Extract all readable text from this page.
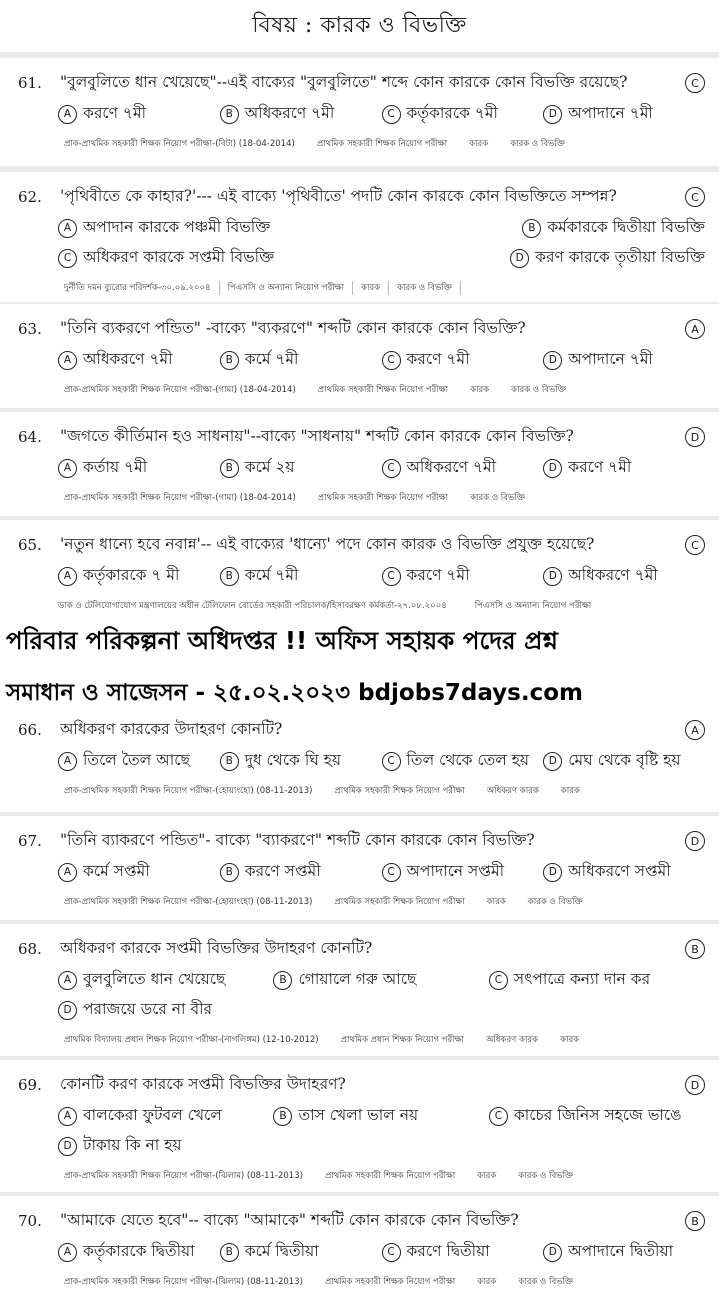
বিষয় : কারক ও বিভক্তি
61.	"বুলবুলিতে ধান খেয়েছে"--এই বাক্যের "বুলবুলিতে" শব্দে কোন কারকে কোন বিভক্তি রয়েছে?	C
A করণে ৭মী	B অধিকরণে ৭মী	C কর্তৃকারকে ৭মী	D অপাদানে ৭মী
প্রাক-প্রাথমিক সহকারী শিক্ষক নিয়োগ পরীক্ষা-(বিটা) (18-04-2014)	প্রাথমিক সহকারী শিক্ষক নিয়োগ পরীক্ষা	কারক	কারক ও বিভক্তি
62.	'পৃথিবীতে কে কাহার?'--- এই বাক্যে 'পৃথিবীতে' পদটি কোন কারকে কোন বিভক্তিতে সম্পন্ন?	C
A অপাদান কারকে পঞ্চমী বিভক্তি	B কর্মকারকে দ্বিতীয়া বিভক্তি
C অধিকরণ কারকে সপ্তমী বিভক্তি	D করণ কারকে তৃতীয়া বিভক্তি
দুর্নীতি দমন ব্যুরোর পরিদর্শক-৩০.০৯.২০০৪	পিএসসি ও অন্যান্য নিয়োগ পরীক্ষা	কারক	কারক ও বিভক্তি
63.	"তিনি ব্যকরণে পন্ডিত" -বাক্যে "ব্যকরণে" শব্দটি কোন কারকে কোন বিভক্তি?	A
A অধিকরণে ৭মী	B কর্মে ৭মী	C করণে ৭মী	D অপাদানে ৭মী
প্রাক-প্রাথমিক সহকারী শিক্ষক নিয়োগ পরীক্ষা-(গামা) (18-04-2014)	প্রাথমিক সহকারী শিক্ষক নিয়োগ পরীক্ষা	কারক	কারক ও বিভক্তি
64.	"জগতে কীর্তিমান হও সাধনায়"--বাক্যে "সাধনায়" শব্দটি কোন কারকে কোন বিভক্তি?	D
A কর্তায় ৭মী	B কর্মে ২য়	C অধিকরণে ৭মী	D করণে ৭মী
প্রাক-প্রাথমিক সহকারী শিক্ষক নিয়োগ পরীক্ষা-(গামা) (18-04-2014)	প্রাথমিক সহকারী শিক্ষক নিয়োগ পরীক্ষা	কারক ও বিভক্তি
65.	'নতুন ধান্যে হবে নবান্ন'-- এই বাক্যের 'ধান্যে' পদে কোন কারক ও বিভক্তি প্রযুক্ত হয়েছে?	C
A কর্তৃকারকে ৭ মী	B কর্মে ৭মী	C করণে ৭মী	D অধিকরণে ৭মী
ডাক ও টেলিযোগাযোগ মন্ত্রণালয়ের অধীন টেলিফোন বোর্ডের সহকারী পরিচালক/হিসাবরক্ষণ কর্মকর্তা-২৭.০৮.২০০৪	পিএসসি ও অন্যান্য নিয়োগ পরীক্ষা
পরিবার পরিকল্পনা অধিদপ্তর !! অফিস সহায়ক পদের প্রশ্ন
সমাধান ও সাজেসন - ২৫.০২.২০২৩ bdjobs7days.com
66.	অধিকরণ কারকের উদাহরণ কোনটি?	A
A তিলে তৈল আছে	B দুধ থেকে ঘি হয়	C তিল থেকে তেল হয়	D মেঘ থেকে বৃষ্টি হয়
প্রাক-প্রাথমিক সহকারী শিক্ষক নিয়োগ পরীক্ষা-(হোয়াংহো) (08-11-2013)	প্রাথমিক সহকারী শিক্ষক নিয়োগ পরীক্ষা	অধিকরণ কারক	কারক
67.	"তিনি ব্যাকরণে পন্ডিত"- বাক্যে "ব্যাকরণে" শব্দটি কোন কারকে কোন বিভক্তি?	D
A কর্মে সপ্তমী	B করণে সপ্তমী	C অপাদানে সপ্তমী	D অধিকরণে সপ্তমী
প্রাক-প্রাথমিক সহকারী শিক্ষক নিয়োগ পরীক্ষা-(হোয়াংহো) (08-11-2013)	প্রাথমিক সহকারী শিক্ষক নিয়োগ পরীক্ষা	কারক	কারক ও বিভক্তি
68.	অধিকরণ কারকে সপ্তমী বিভক্তির উদাহরণ কোনটি?	B
A বুলবুলিতে ধান খেয়েছে	B গোয়ালে গরু আছে	C সৎপাত্রে কন্যা দান কর
D পরাজয়ে ডরে না বীর
প্রাথমিক বিদ্যালয় প্রধান শিক্ষক নিয়োগ পরীক্ষা-(নাগলিঙ্গম) (12-10-2012)	প্রাথমিক প্রধান শিক্ষক নিয়োগ পরীক্ষা	অধিকরণ কারক	কারক
69.	কোনটি করণ কারকে সপ্তমী বিভক্তির উদাহরণ?	D
A বালকেরা ফুটবল খেলে	B তাস খেলা ভাল নয়	C কাচের জিনিস সহজে ভাঙে
D টাকায় কি না হয়
প্রাক-প্রাথমিক সহকারী শিক্ষক নিয়োগ পরীক্ষা-(ঝিলাম) (08-11-2013)	প্রাথমিক সহকারী শিক্ষক নিয়োগ পরীক্ষা	কারক	কারক ও বিভক্তি
70.	"আমাকে যেতে হবে"-- বাক্যে "আমাকে" শব্দটি কোন কারকে কোন বিভক্তি?	B
A কর্তৃকারকে দ্বিতীয়া	B কর্মে দ্বিতীয়া	C করণে দ্বিতীয়া	D অপাদানে দ্বিতীয়া
প্রাক-প্রাথমিক সহকারী শিক্ষক নিয়োগ পরীক্ষা-(ঝিলাম) (08-11-2013)	প্রাথমিক সহকারী শিক্ষক নিয়োগ পরীক্ষা	কারক	কারক ও বিভক্তি
